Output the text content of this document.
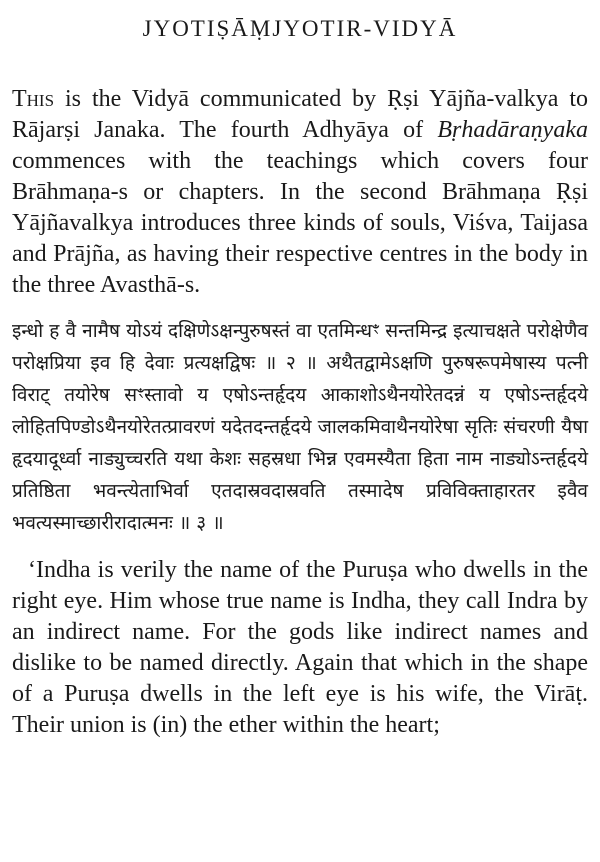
JYOTIṢĀṂJYOTIR-VIDYĀ

This is the Vidyā communicated by Ṛṣi Yājña-valkya to Rājarṣi Janaka. The fourth Adhyāya of Bṛhadāraṇyaka commences with the teachings which covers four Brāhmaṇa-s or chapters. In the second Brāhmaṇa Ṛṣi Yājñavalkya introduces three kinds of souls, Viśva, Taijasa and Prājña, as having their respective centres in the body in the three Avasthā-s.

इन्धो ह वै नामैष योऽयं दक्षिणेऽक्षन्पुरुषस्तं वा एतमिन्धꣳ सन्तमिन्द्र इत्याचक्षते परोक्षेणैव परोक्षप्रिया इव हि देवाः प्रत्यक्षद्विषः ॥ २ ॥ अथैतद्वामेऽक्षणि पुरुषरूपमेषास्य पत्नी विराट् तयोरेष सꣳस्तावो य एषोऽन्तर्हृदय आकाशोऽथैनयोरेतदन्नं य एषोऽन्तर्हृदये लोहितपिण्डोऽथैनयोरेतत्प्रावरणं यदेतदन्तर्हृदये जालकमिवाथैनयोरेषा सृतिः संचरणी यैषा हृदयादूर्ध्वा नाड्युच्चरति यथा केशः सहस्रधा भिन्न एवमस्यैता हिता नाम नाड्योऽन्तर्हृदये प्रतिष्ठिता भवन्त्येताभिर्वा एतदास्रवदास्रवति तस्मादेष प्रविविक्ताहारतर इवैव भवत्यस्माच्छारीरादात्मनः ॥ ३ ॥

‘Indha is verily the name of the Puruṣa who dwells in the right eye. Him whose true name is Indha, they call Indra by an indirect name. For the gods like indirect names and dislike to be named directly. Again that which in the shape of a Puruṣa dwells in the left eye is his wife, the Virāṭ. Their union is (in) the ether within the heart;
